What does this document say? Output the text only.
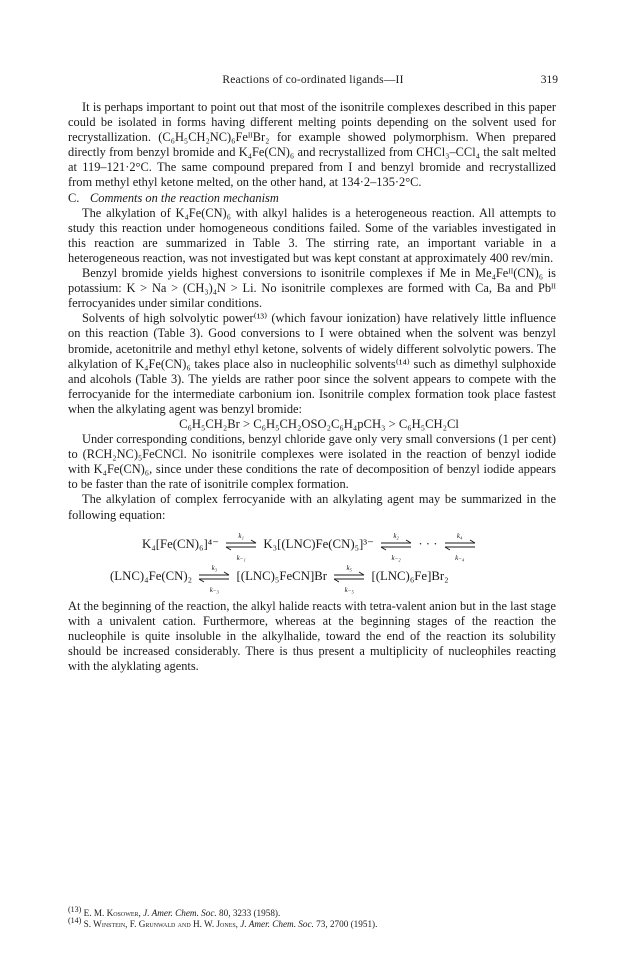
Reactions of co-ordinated ligands—II	319

It is perhaps important to point out that most of the isonitrile complexes described in this paper could be isolated in forms having different melting points depending on the solvent used for recrystallization. (C₆H₅CH₂NC)₆FeᴵᴵBr₂ for example showed polymorphism. When prepared directly from benzyl bromide and K₄Fe(CN)₆ and recrystallized from CHCl₃–CCl₄ the salt melted at 119–121·2°C. The same compound prepared from I and benzyl bromide and recrystallized from methyl ethyl ketone melted, on the other hand, at 134·2–135·2°C.

C. Comments on the reaction mechanism

The alkylation of K₄Fe(CN)₆ with alkyl halides is a heterogeneous reaction. All attempts to study this reaction under homogeneous conditions failed. Some of the variables investigated in this reaction are summarized in Table 3. The stirring rate, an important variable in a heterogeneous reaction, was not investigated but was kept constant at approximately 400 rev/min.

Benzyl bromide yields highest conversions to isonitrile complexes if Me in Me₄Feᴵᴵ(CN)₆ is potassium: K > Na > (CH₃)₄N > Li. No isonitrile complexes are formed with Ca, Ba and Pbᴵᴵ ferrocyanides under similar conditions.

Solvents of high solvolytic power⁽¹³⁾ (which favour ionization) have relatively little influence on this reaction (Table 3). Good conversions to I were obtained when the solvent was benzyl bromide, acetonitrile and methyl ethyl ketone, solvents of widely different solvolytic powers. The alkylation of K₄Fe(CN)₆ takes place also in nucleophilic solvents⁽¹⁴⁾ such as dimethyl sulphoxide and alcohols (Table 3). The yields are rather poor since the solvent appears to compete with the ferrocyanide for the intermediate carbonium ion. Isonitrile complex formation took place fastest when the alkylating agent was benzyl bromide:

C₆H₅CH₂Br > C₆H₅CH₂OSO₂C₆H₄pCH₃ > C₆H₅CH₂Cl

Under corresponding conditions, benzyl chloride gave only very small conversions (1 per cent) to (RCH₂NC)₅FeCNCl. No isonitrile complexes were isolated in the reaction of benzyl iodide with K₄Fe(CN)₆, since under these conditions the rate of decomposition of benzyl iodide appears to be faster than the rate of isonitrile complex formation.

The alkylation of complex ferrocyanide with an alkylating agent may be summarized in the following equation:

K₄[Fe(CN)₆]⁴⁻
k₁
k₋₁
K₃[(LNC)Fe(CN)₅]³⁻
k₂
k₋₂
· · ·
k₄
k₋₄
(LNC)₄Fe(CN)₂
k₃
k₋₃
[(LNC)₅FeCN]Br
k₅
k₋₅
[(LNC)₆Fe]Br₂

At the beginning of the reaction, the alkyl halide reacts with tetra-valent anion but in the last stage with a univalent cation. Furthermore, whereas at the beginning stages of the reaction the nucleophile is quite insoluble in the alkylhalide, toward the end of the reaction its solubility should be increased considerably. There is thus present a multiplicity of nucleophiles reacting with the alyklating agents.

$^{(13)}$ E. M. Kosower, J. Amer. Chem. Soc. 80, 3233 (1958).
$^{(14)}$ S. Winstein, F. Grunwald and H. W. Jones, J. Amer. Chem. Soc. 73, 2700 (1951).
